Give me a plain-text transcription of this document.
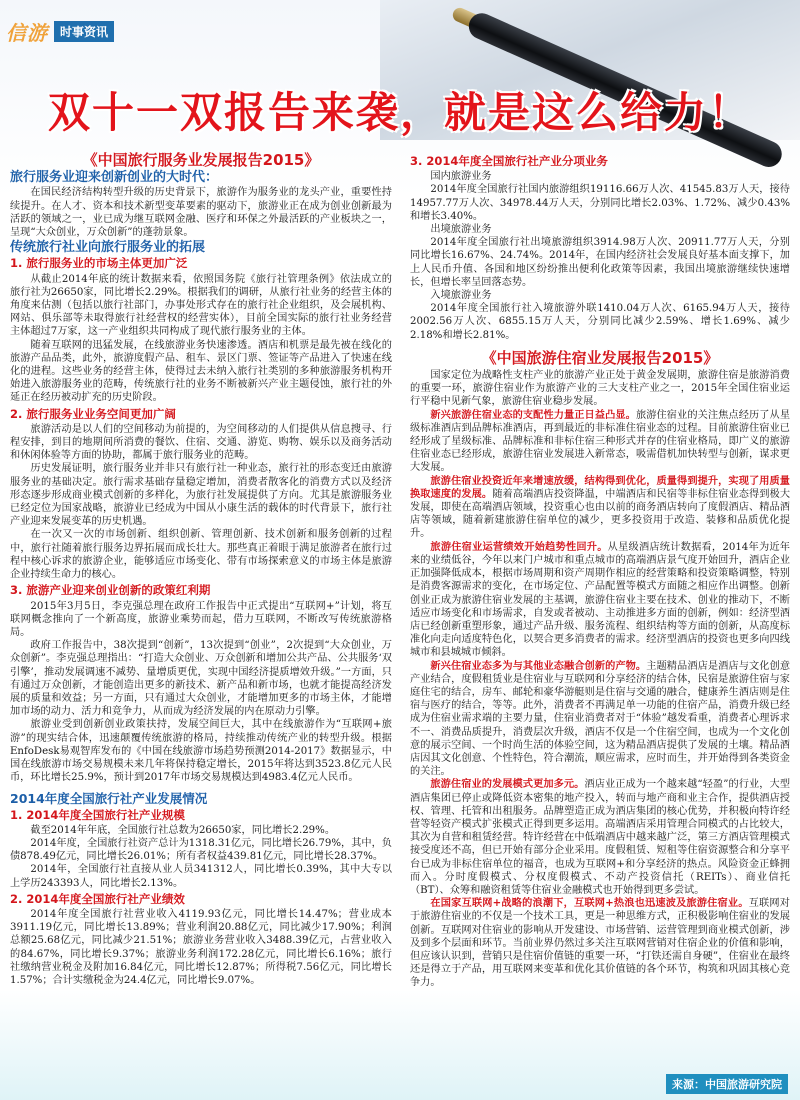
信游	时事资讯
双十一双报告来袭，就是这么给力！
《中国旅行服务业发展报告2015》
旅行服务业迎来创新创业的大时代：

在国民经济结构转型升级的历史背景下，旅游作为服务业的龙头产业，重要性持续提升。在人才、资本和技术新型变革要素的驱动下，旅游业正在成为创业创新最为活跃的领域之一，业已成为继互联网金融、医疗和环保之外最活跃的产业板块之一，呈现“大众创业，万众创新”的蓬勃景象。

传统旅行社业向旅行服务业的拓展
1. 旅行服务业的市场主体更加广泛

从截止2014年底的统计数据来看，依照国务院《旅行社管理条例》依法成立的旅行社为26650家，同比增长2.29%。根据我们的调研，从旅行社业务的经营主体的角度来估测（包括以旅行社部门，办事处形式存在的旅行社企业组织，及会展机构、网站、俱乐部等未取得旅行社经营权的经营实体），目前全国实际的旅行社业务经营主体超过7万家，这一产业组织共同构成了现代旅行服务业的主体。

随着互联网的迅猛发展，在线旅游业务快速渗透。酒店和机票是最先被在线化的旅游产品品类，此外，旅游度假产品、租车、景区门票、签证等产品进入了快速在线化的进程。这些业务的经营主体，使得过去未纳入旅行社类别的多种旅游服务机构开始进入旅游服务业的范畴，传统旅行社的业务不断被新兴产业主题侵蚀，旅行社的外延正在经历被动扩充的历史阶段。

2. 旅行服务业业务空间更加广阔

旅游活动是以人们的空间移动为前提的，为空间移动的人们提供从信息搜寻、行程安排，到目的地期间所消费的餐饮、住宿、交通、游览、购物、娱乐以及商务活动和休闲体验等方面的协助，都属于旅行服务业的范畴。

历史发展证明，旅行服务业并非只有旅行社一种业态，旅行社的形态变迁由旅游服务业的基础决定。旅行需求基础存量稳定增加，消费者散客化的消费方式以及经济形态逐步形成商业模式创新的多样化，为旅行社发展提供了方向。尤其是旅游服务业已经定位为国家战略，旅游业已经成为中国从小康生活的载体的时代背景下，旅行社产业迎来发展变革的历史机遇。

在一次又一次的市场创新、组织创新、管理创新、技术创新和服务创新的过程中，旅行社随着旅行服务边界拓展而成长壮大。那些真正着眼于满足旅游者在旅行过程中核心诉求的旅游企业，能够适应市场变化、带有市场探索意义的市场主体是旅游企业持续生命力的核心。

3. 旅游产业迎来创业创新的政策红利期

2015年3月5日，李克强总理在政府工作报告中正式提出“互联网+”计划，将互联网概念推向了一个新高度，旅游业乘势而起，借力互联网，不断改写传统旅游格局。

政府工作报告中，38次提到“创新”，13次提到“创业”，2次提到“大众创业，万众创新”。李克强总理指出：“打造大众创业、万众创新和增加公共产品、公共服务‘双引擎’，推动发展调速不减势、量增质更优，实现中国经济提质增效升级。”一方面，只有通过万众创新，才能创造出更多的新技术、新产品和新市场，也就才能提高经济发展的质量和效益；另一方面，只有通过大众创业，才能增加更多的市场主体，才能增加市场的动力、活力和竞争力，从而成为经济发展的内在原动力引擎。

旅游业受到创新创业政策扶持，发展空间巨大，其中在线旅游作为“互联网+旅游”的现实结合体，迅速颠覆传统旅游的格局，持续推动传统产业的转型升级。根据EnfoDesk易观智库发布的《中国在线旅游市场趋势预测2014-2017》数据显示，中国在线旅游市场交易规模未来几年将保持稳定增长，2015年将达到3523.8亿元人民币，环比增长25.9%，预计到2017年市场交易规模达到4983.4亿元人民币。

2014年度全国旅行社产业发展情况
1. 2014年度全国旅行社产业规模

截至2014年年底，全国旅行社总数为26650家，同比增长2.29%。

2014年度，全国旅行社资产总计为1318.31亿元，同比增长26.79%，其中，负债878.49亿元，同比增长26.01%；所有者权益439.81亿元，同比增长28.37%。

2014年，全国旅行社直接从业人员341312人，同比增长0.39%，其中大专以上学历243393人，同比增长2.13%。

2. 2014年度全国旅行社产业绩效

2014年度全国旅行社营业收入4119.93亿元，同比增长14.47%；营业成本3911.19亿元，同比增长13.89%；营业利润20.88亿元，同比减少17.90%；利润总额25.68亿元，同比减少21.51%；旅游业务营业收入3488.39亿元，占营业收入的84.67%，同比增长9.37%；旅游业务利润172.28亿元，同比增长6.16%；旅行社缴纳营业税金及附加16.84亿元，同比增长12.87%；所得税7.56亿元，同比增长1.57%；合计实缴税金为24.4亿元，同比增长9.07%。

3. 2014年度全国旅行社产业分项业务

国内旅游业务

2014年度全国旅行社国内旅游组织19116.66万人次、41545.83万人天，接待14957.77万人次、34978.44万人天，分别同比增长2.03%、1.72%、减少0.43%和增长3.40%。

出境旅游业务

2014年度全国旅行社出境旅游组织3914.98万人次、20911.77万人天，分别同比增长16.67%、24.74%。2014年，在国内经济社会发展良好基本面支撑下，加上人民币升值、各国和地区纷纷推出便利化政策等因素，我国出境旅游继续快速增长，但增长率呈回落态势。

入境旅游业务

2014年度全国旅行社入境旅游外联1410.04万人次、6165.94万人天，接待2002.56万人次、6855.15万人天，分别同比减少2.59%、增长1.69%、减少2.18%和增长2.81%。

《中国旅游住宿业发展报告2015》

国家定位为战略性支柱产业的旅游产业正处于黄金发展期，旅游住宿是旅游消费的重要一环，旅游住宿业作为旅游产业的三大支柱产业之一，2015年全国住宿业运行平稳中见新气象，旅游住宿业稳步发展。

新兴旅游住宿业态的支配性力量正日益凸显。旅游住宿业的关注焦点经历了从星级标准酒店到品牌标准酒店，再到最近的非标准住宿业态的过程。目前旅游住宿业已经形成了星级标准、品牌标准和非标住宿三种形式并存的住宿业格局，即广义的旅游住宿业态已经形成，旅游住宿业发展进入新常态，吸需借机加快转型与创新，谋求更大发展。

旅游住宿业投资近年来增速放缓，结构得到优化，质量得到提升，实现了用质量换取速度的发展。随着高端酒店投资降温，中端酒店和民宿等非标住宿业态得到极大发展，即使在高端酒店领域，投资重心也由以前的商务酒店转向了度假酒店、精品酒店等领域，随着新建旅游住宿单位的减少，更多投资用于改造、装修和品质优化提升。

旅游住宿业运营绩效开始趋势性回升。从星级酒店统计数据看，2014年为近年来的业绩低谷，今年以来门户城市和重点城市的高端酒店景气度开始回升，酒店企业正加强降低成本，根据市场周期和资产周期作相应的经营策略和投资策略调整，特别是消费客源需求的变化，在市场定位、产品配置等模式方面随之相应作出调整。创新创业正成为旅游住宿业发展的主基调，旅游住宿业主要在技术、创业的推动下，不断适应市场变化和市场需求，自发或者被动、主动推进多方面的创新，例如：经济型酒店已经创新重塑形象，通过产品升级、服务流程、组织结构等方面的创新，从高度标准化向走向适度特色化，以契合更多消费者的需求。经济型酒店的投资也更多向四线城市和县城城市倾斜。

新兴住宿业态多为与其他业态融合创新的产物。主题精品酒店是酒店与文化创意产业结合，度假租赁业是住宿业与互联网和分享经济的结合体，民宿是旅游住宿与家庭住宅的结合，房车、邮轮和豪华游艇则是住宿与交通的融合，健康养生酒店则是住宿与医疗的结合，等等。此外，消费者不再满足单一功能的住宿产品，消费升级已经成为住宿业需求端的主要力量，住宿业消费者对于“体验”越发看重，消费者心理诉求不一、消费品质提升，消费层次升级，酒店不仅是一个住宿空间，也成为一个文化创意的展示空间、一个时尚生活的体验空间，这为精品酒店提供了发展的土壤。精品酒店因其文化创意、个性特色，符合潮流，顺应需求，应时而生，并开始得到各类资金的关注。

旅游住宿业的发展模式更加多元。酒店业正成为一个越来越“轻盈”的行业，大型酒店集团已停止或降低资本密集的地产投入，转而与地产商和业主合作，提供酒店授权、管理、托管和出租服务。品牌塑造正成为酒店集团的核心优势，并积极向特许经营等轻资产模式扩张模式正得到更多运用。高端酒店采用管理合同模式的占比较大，其次为自营和租赁经营。特许经营在中低端酒店中越来越广泛，第三方酒店管理模式接受度还不高，但已开始有部分企业采用。度假租赁、短租等住宿资源整合和分享平台已成为非标住宿单位的福音，也成为互联网+和分享经济的热点。风险资金正蜂拥而入。分时度假模式、分权度假模式、不动产投资信托（REITs）、商业信托（BT）、众筹和融资租赁等住宿业金融模式也开始得到更多尝试。

在国家互联网+战略的浪潮下，互联网+热浪也迅速波及旅游住宿业。互联网对于旅游住宿业的不仅是一个技术工具，更是一种思维方式，正积极影响住宿业的发展创新。互联网对住宿业的影响从开发建设、市场营销、运营管理到商业模式创新，涉及到多个层面和环节。当前业界仍然过多关注互联网营销对住宿企业的价值和影响，但应该认识到，营销只是住宿价值链的重要一环，“打铁还需自身硬”，住宿业在最终还是得立于产品，用互联网来变革和优化其价值链的各个环节，构筑和巩固其核心竞争力。

来源：中国旅游研究院
